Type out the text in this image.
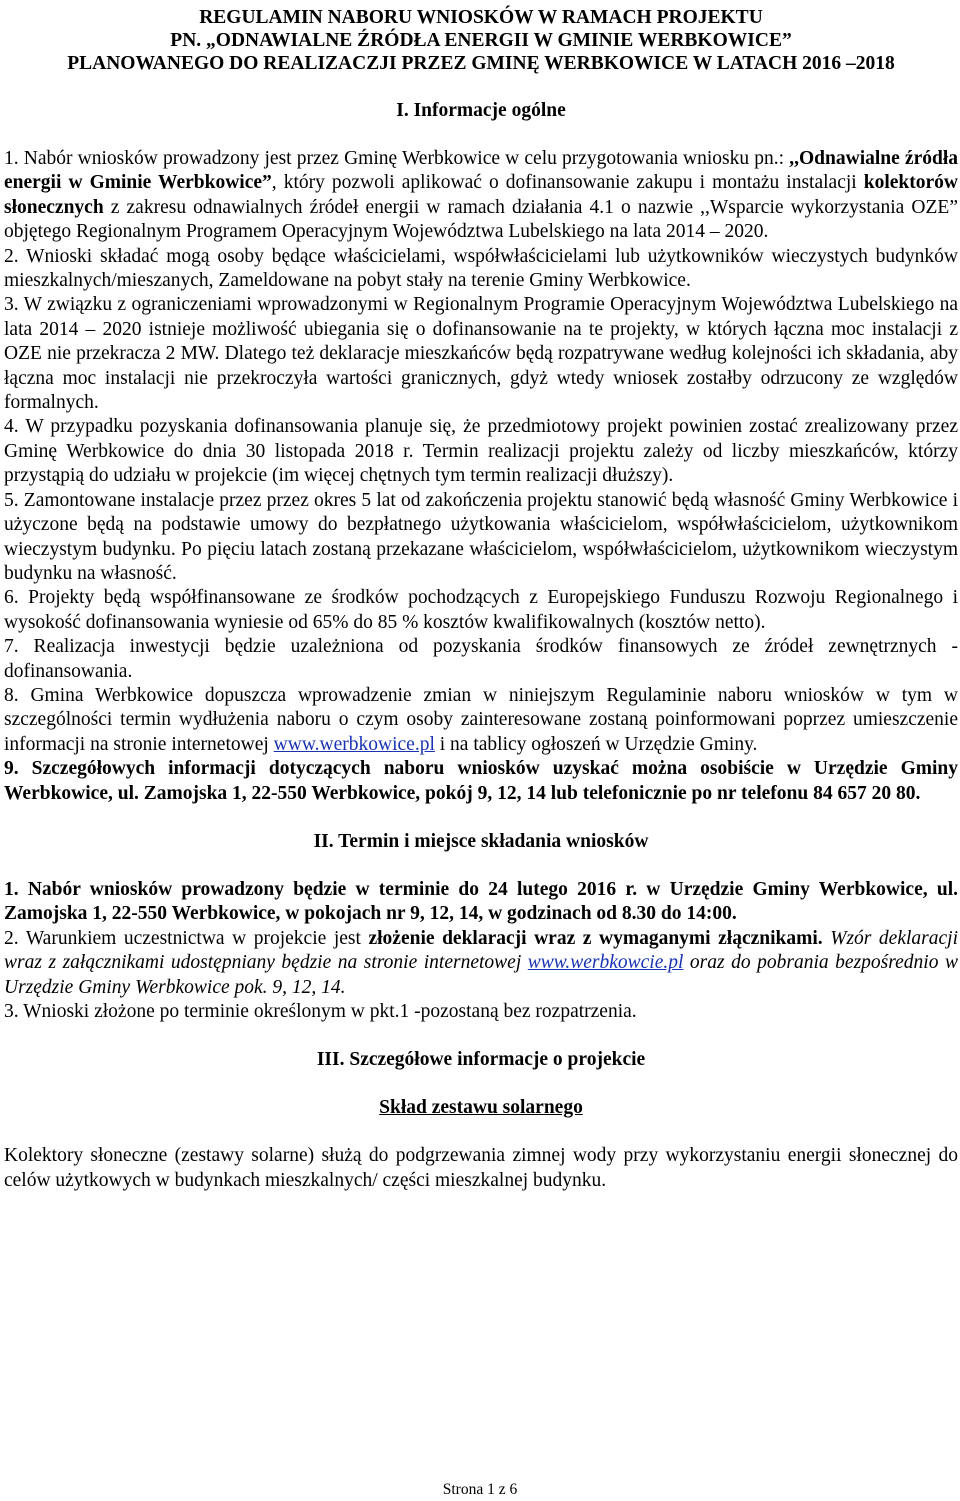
REGULAMIN NABORU WNIOSKÓW W RAMACH PROJEKTU
PN. „ODNAWIALNE ŹRÓDŁA ENERGII W GMINIE WERBKOWICE”
PLANOWANEGO DO REALIZACZJI PRZEZ GMINĘ WERBKOWICE W LATACH 2016 –2018
I. Informacje ogólne

1. Nabór wniosków prowadzony jest przez Gminę Werbkowice w celu przygotowania wniosku pn.: ,,Odnawialne źródła energii w Gminie Werbkowice”, który pozwoli aplikować o dofinansowanie zakupu i montażu instalacji kolektorów słonecznych z zakresu odnawialnych źródeł energii w ramach działania 4.1 o nazwie ,,Wsparcie wykorzystania OZE” objętego Regionalnym Programem Operacyjnym Województwa Lubelskiego na lata 2014 – 2020.

2. Wnioski składać mogą osoby będące właścicielami, współwłaścicielami lub użytkowników wieczystych budynków mieszkalnych/mieszanych, Zameldowane na pobyt stały na terenie Gminy Werbkowice.

3. W związku z ograniczeniami wprowadzonymi w Regionalnym Programie Operacyjnym Województwa Lubelskiego na lata 2014 – 2020 istnieje możliwość ubiegania się o dofinansowanie na te projekty, w których łączna moc instalacji z OZE nie przekracza 2 MW. Dlatego też deklaracje mieszkańców będą rozpatrywane według kolejności ich składania, aby łączna moc instalacji nie przekroczyła wartości granicznych, gdyż wtedy wniosek zostałby odrzucony ze względów formalnych.

4. W przypadku pozyskania dofinansowania planuje się, że przedmiotowy projekt powinien zostać zrealizowany przez Gminę Werbkowice do dnia 30 listopada 2018 r. Termin realizacji projektu zależy od liczby mieszkańców, którzy przystąpią do udziału w projekcie (im więcej chętnych tym termin realizacji dłuższy).

5. Zamontowane instalacje przez przez okres 5 lat od zakończenia projektu stanowić będą własność Gminy Werbkowice i użyczone będą na podstawie umowy do bezpłatnego użytkowania właścicielom, współwłaścicielom, użytkownikom wieczystym budynku. Po pięciu latach zostaną przekazane właścicielom, współwłaścicielom, użytkownikom wieczystym budynku na własność.

6. Projekty będą współfinansowane ze środków pochodzących z Europejskiego Funduszu Rozwoju Regionalnego i wysokość dofinansowania wyniesie od 65% do 85 % kosztów kwalifikowalnych (kosztów netto).

7. Realizacja inwestycji będzie uzależniona od pozyskania środków finansowych ze źródeł zewnętrznych - dofinansowania.

8. Gmina Werbkowice dopuszcza wprowadzenie zmian w niniejszym Regulaminie naboru wniosków w tym w szczególności termin wydłużenia naboru o czym osoby zainteresowane zostaną poinformowani poprzez umieszczenie informacji na stronie internetowej www.werbkowice.pl i na tablicy ogłoszeń w Urzędzie Gminy.

9. Szczegółowych informacji dotyczących naboru wniosków uzyskać można osobiście w Urzędzie Gminy Werbkowice, ul. Zamojska 1, 22-550 Werbkowice, pokój 9, 12, 14 lub telefonicznie po nr telefonu 84 657 20 80.

II. Termin i miejsce składania wniosków

1. Nabór wniosków prowadzony będzie w terminie do 24 lutego 2016 r. w Urzędzie Gminy Werbkowice, ul. Zamojska 1, 22-550 Werbkowice, w pokojach nr 9, 12, 14, w godzinach od 8.30 do 14:00.

2. Warunkiem uczestnictwa w projekcie jest złożenie deklaracji wraz z wymaganymi złącznikami. Wzór deklaracji wraz z załącznikami udostępniany będzie na stronie internetowej www.werbkowcie.pl oraz do pobrania bezpośrednio w Urzędzie Gminy Werbkowice pok. 9, 12, 14.

3. Wnioski złożone po terminie określonym w pkt.1 -pozostaną bez rozpatrzenia.

III. Szczegółowe informacje o projekcie
Skład zestawu solarnego

Kolektory słoneczne (zestawy solarne) służą do podgrzewania zimnej wody przy wykorzystaniu energii słonecznej do celów użytkowych w budynkach mieszkalnych/ części mieszkalnej budynku.

Strona 1 z 6
